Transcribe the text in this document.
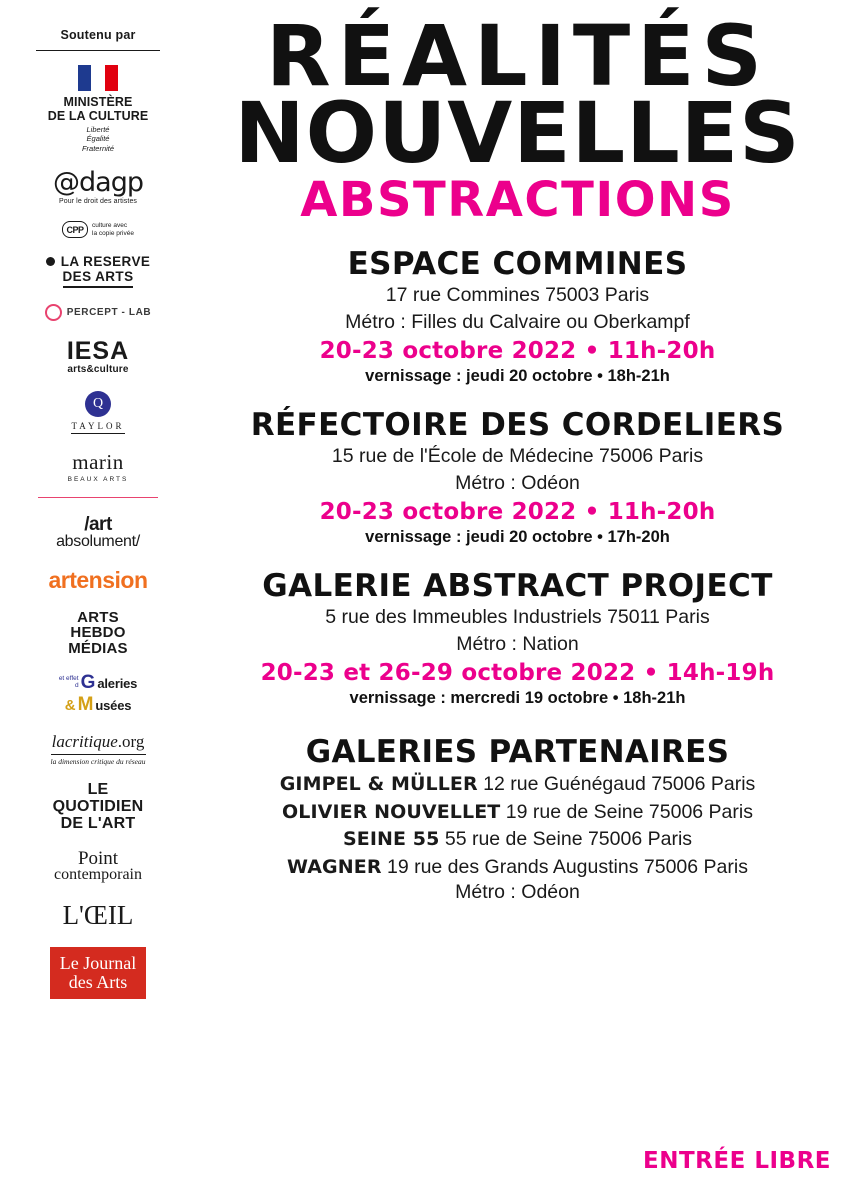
Soutenu par
MINISTÈRE
DE LA CULTURE
Liberté
Égalité
Fraternité
@dagp
Pour le droit des artistes
CPP	culture avec
la copie privée
LA RESERVE
DES ARTS
PERCEPT - LAB
IESA
arts&culture
Q
TAYLOR
marin
BEAUX ARTS
/art
absolument/
artension
ARTS
HEBDO
MÉDIAS
et effet
d G aleries
& M usées
lacritique.org
la dimension critique du réseau
LE
QUOTIDIEN
DE L'ART
Point
contemporain
L'ŒIL
Le Journal
des Arts
RÉALITÉS
NOUVELLES
ABSTRACTIONS
ESPACE COMMINES
17 rue Commines 75003 Paris
Métro : Filles du Calvaire ou Oberkampf
20-23 octobre 2022 • 11h-20h
vernissage : jeudi 20 octobre • 18h-21h
RÉFECTOIRE DES CORDELIERS
15 rue de l'École de Médecine 75006 Paris
Métro : Odéon
20-23 octobre 2022 • 11h-20h
vernissage : jeudi 20 octobre • 17h-20h
GALERIE ABSTRACT PROJECT
5 rue des Immeubles Industriels 75011 Paris
Métro : Nation
20-23 et 26-29 octobre 2022 • 14h-19h
vernissage : mercredi 19 octobre • 18h-21h
GALERIES PARTENAIRES
GIMPEL & MÜLLER 12 rue Guénégaud 75006 Paris
OLIVIER NOUVELLET 19 rue de Seine 75006 Paris
SEINE 55 55 rue de Seine 75006 Paris
WAGNER 19 rue des Grands Augustins 75006 Paris
Métro : Odéon
ENTRÉE LIBRE
